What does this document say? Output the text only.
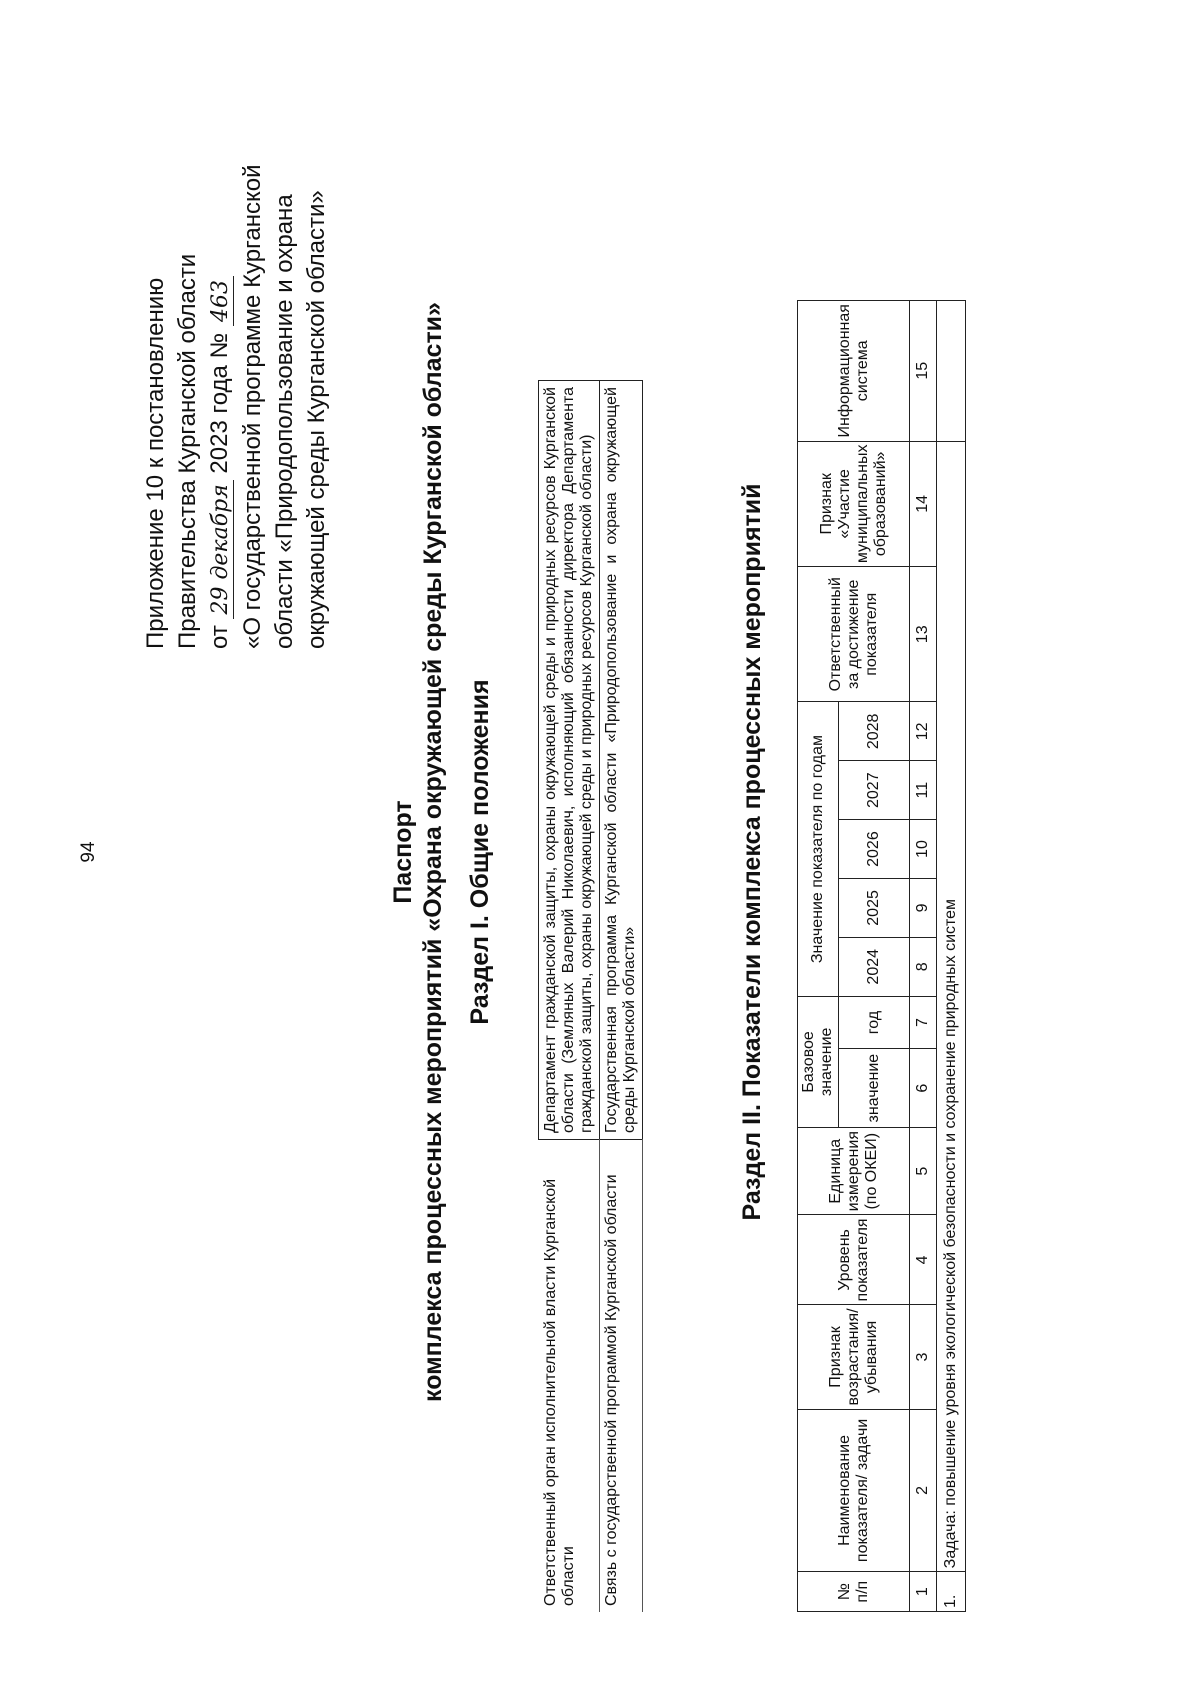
94
Приложение 10 к постановлению Правительства Курганской области от 29 декабря 2023 года № 463 «О государственной программе Курганской области «Природопользование и охрана окружающей среды Курганской области»
Паспорт комплекса процессных мероприятий «Охрана окружающей среды Курганской области» Раздел I. Общие положения
Ответственный орган исполнительной власти Курганской области	Департамент гражданской защиты, охраны окружающей среды и природных ресурсов Курганской области (Земляных Валерий Николаевич, исполняющий обязанности директора Департамента гражданской защиты, охраны окружающей среды и природных ресурсов Курганской области)
Связь с государственной программой Курганской области	Государственная программа Курганской области «Природопользование и охрана окружающей среды Курганской области»	Раздел II. Показатели комплекса процессных мероприятий
№ п/п	Наименование показателя/ задачи	Признак возрастания/ убывания	Уровень показателя	Единица измерения (по ОКЕИ)	Базовое значение		Значение показателя по годам					Ответственный за достижение показателя	Признак «Участие муниципальных образований»	Информационная система
					значение	год	2024	2025	2026	2027	2028			
1	2	3	4	5	6	7	8	9	10	11	12	13	14	15
1.	Задача: повышение уровня экологической безопасности и сохранение природных систем													
